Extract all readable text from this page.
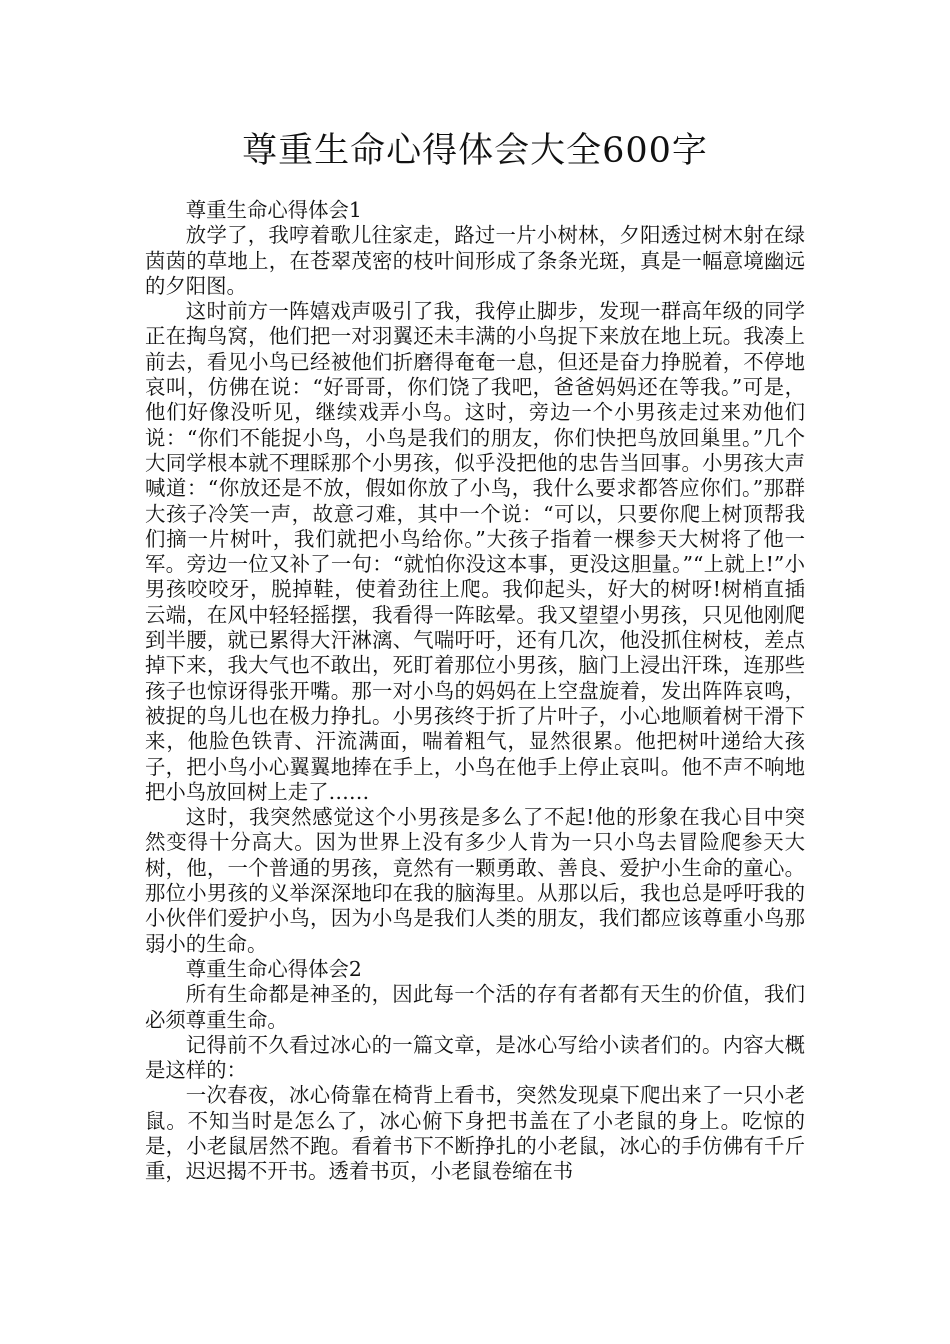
尊重生命心得体会大全600字

尊重生命心得体会1

放学了，我哼着歌儿往家走，路过一片小树林，夕阳透过树木射在绿茵茵的草地上，在苍翠茂密的枝叶间形成了条条光斑，真是一幅意境幽远的夕阳图。

这时前方一阵嬉戏声吸引了我，我停止脚步，发现一群高年级的同学正在掏鸟窝，他们把一对羽翼还未丰满的小鸟捉下来放在地上玩。我凑上前去，看见小鸟已经被他们折磨得奄奄一息，但还是奋力挣脱着，不停地哀叫，仿佛在说：“好哥哥，你们饶了我吧，爸爸妈妈还在等我。”可是，他们好像没听见，继续戏弄小鸟。这时，旁边一个小男孩走过来劝他们说：“你们不能捉小鸟，小鸟是我们的朋友，你们快把鸟放回巢里。”几个大同学根本就不理睬那个小男孩，似乎没把他的忠告当回事。小男孩大声喊道：“你放还是不放，假如你放了小鸟，我什么要求都答应你们。”那群大孩子冷笑一声，故意刁难，其中一个说：“可以，只要你爬上树顶帮我们摘一片树叶，我们就把小鸟给你。”大孩子指着一棵参天大树将了他一军。旁边一位又补了一句：“就怕你没这本事，更没这胆量。”“上就上!”小男孩咬咬牙，脱掉鞋，使着劲往上爬。我仰起头，好大的树呀!树梢直插云端，在风中轻轻摇摆，我看得一阵眩晕。我又望望小男孩，只见他刚爬到半腰，就已累得大汗淋漓、气喘吁吁，还有几次，他没抓住树枝，差点掉下来，我大气也不敢出，死盯着那位小男孩，脑门上浸出汗珠，连那些孩子也惊讶得张开嘴。那一对小鸟的妈妈在上空盘旋着，发出阵阵哀鸣，被捉的鸟儿也在极力挣扎。小男孩终于折了片叶子，小心地顺着树干滑下来，他脸色铁青、汗流满面，喘着粗气，显然很累。他把树叶递给大孩子，把小鸟小心翼翼地捧在手上，小鸟在他手上停止哀叫。他不声不响地把小鸟放回树上走了……

这时，我突然感觉这个小男孩是多么了不起!他的形象在我心目中突然变得十分高大。因为世界上没有多少人肯为一只小鸟去冒险爬参天大树，他，一个普通的男孩，竟然有一颗勇敢、善良、爱护小生命的童心。那位小男孩的义举深深地印在我的脑海里。从那以后，我也总是呼吁我的小伙伴们爱护小鸟，因为小鸟是我们人类的朋友，我们都应该尊重小鸟那弱小的生命。

尊重生命心得体会2

所有生命都是神圣的，因此每一个活的存有者都有天生的价值，我们必须尊重生命。

记得前不久看过冰心的一篇文章，是冰心写给小读者们的。内容大概是这样的：

一次春夜，冰心倚靠在椅背上看书，突然发现桌下爬出来了一只小老鼠。不知当时是怎么了，冰心俯下身把书盖在了小老鼠的身上。吃惊的是，小老鼠居然不跑。看着书下不断挣扎的小老鼠，冰心的手仿佛有千斤重，迟迟揭不开书。透着书页，小老鼠卷缩在书
